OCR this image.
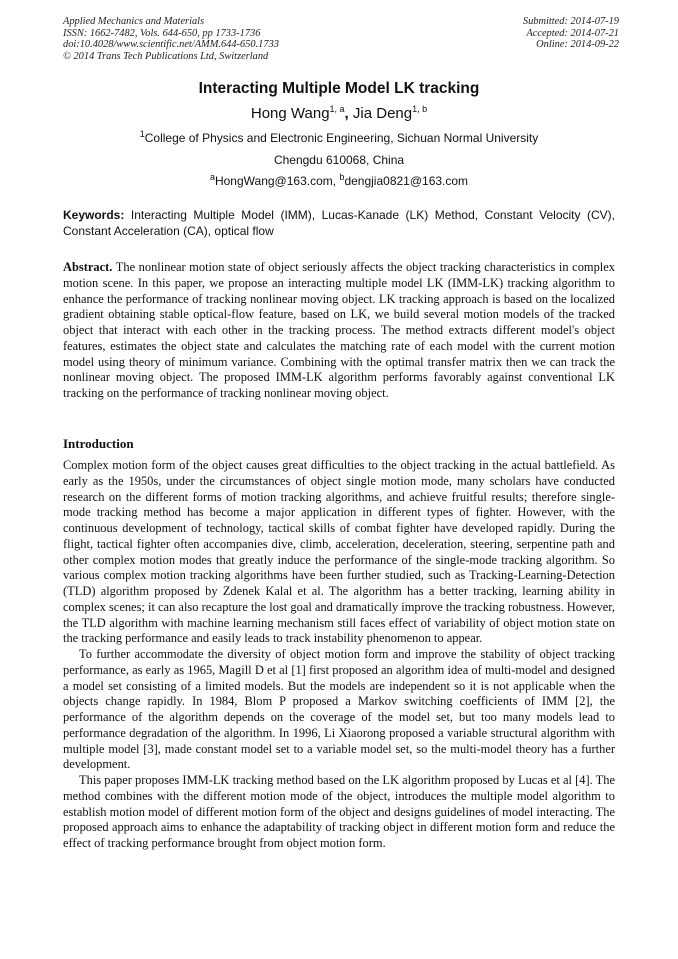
Applied Mechanics and Materials
ISSN: 1662-7482, Vols. 644-650, pp 1733-1736
doi:10.4028/www.scientific.net/AMM.644-650.1733
© 2014 Trans Tech Publications Ltd, Switzerland
Submitted: 2014-07-19
Accepted: 2014-07-21
Online: 2014-09-22
Interacting Multiple Model LK tracking
Hong Wang$^{1, a}$, Jia Deng$^{1, b}$
$^1$College of Physics and Electronic Engineering, Sichuan Normal University
Chengdu 610068, China
$^a$HongWang@163.com, $^b$dengjia0821@163.com
Keywords: Interacting Multiple Model (IMM), Lucas-Kanade (LK) Method, Constant Velocity (CV), Constant Acceleration (CA), optical flow
Abstract. The nonlinear motion state of object seriously affects the object tracking characteristics in complex motion scene. In this paper, we propose an interacting multiple model LK (IMM-LK) tracking algorithm to enhance the performance of tracking nonlinear moving object. LK tracking approach is based on the localized gradient obtaining stable optical-flow feature, based on LK, we build several motion models of the tracked object that interact with each other in the tracking process. The method extracts different model's object features, estimates the object state and calculates the matching rate of each model with the current motion model using theory of minimum variance. Combining with the optimal transfer matrix then we can track the nonlinear moving object. The proposed IMM-LK algorithm performs favorably against conventional LK tracking on the performance of tracking nonlinear moving object.
Introduction

Complex motion form of the object causes great difficulties to the object tracking in the actual battlefield. As early as the 1950s, under the circumstances of object single motion mode, many scholars have conducted research on the different forms of motion tracking algorithms, and achieve fruitful results; therefore single-mode tracking method has become a major application in different types of fighter. However, with the continuous development of technology, tactical skills of combat fighter have developed rapidly. During the flight, tactical fighter often accompanies dive, climb, acceleration, deceleration, steering, serpentine path and other complex motion modes that greatly induce the performance of the single-mode tracking algorithm. So various complex motion tracking algorithms have been further studied, such as Tracking-Learning-Detection (TLD) algorithm proposed by Zdenek Kalal et al. The algorithm has a better tracking, learning ability in complex scenes; it can also recapture the lost goal and dramatically improve the tracking robustness. However, the TLD algorithm with machine learning mechanism still faces effect of variability of object motion state on the tracking performance and easily leads to track instability phenomenon to appear.

To further accommodate the diversity of object motion form and improve the stability of object tracking performance, as early as 1965, Magill D et al [1] first proposed an algorithm idea of multi-model and designed a model set consisting of a limited models. But the models are independent so it is not applicable when the objects change rapidly. In 1984, Blom P proposed a Markov switching coefficients of IMM [2], the performance of the algorithm depends on the coverage of the model set, but too many models lead to performance degradation of the algorithm. In 1996, Li Xiaorong proposed a variable structural algorithm with multiple model [3], made constant model set to a variable model set, so the multi-model theory has a further development.

This paper proposes IMM-LK tracking method based on the LK algorithm proposed by Lucas et al [4]. The method combines with the different motion mode of the object, introduces the multiple model algorithm to establish motion model of different motion form of the object and designs guidelines of model interacting. The proposed approach aims to enhance the adaptability of tracking object in different motion form and reduce the effect of tracking performance brought from object motion form.
